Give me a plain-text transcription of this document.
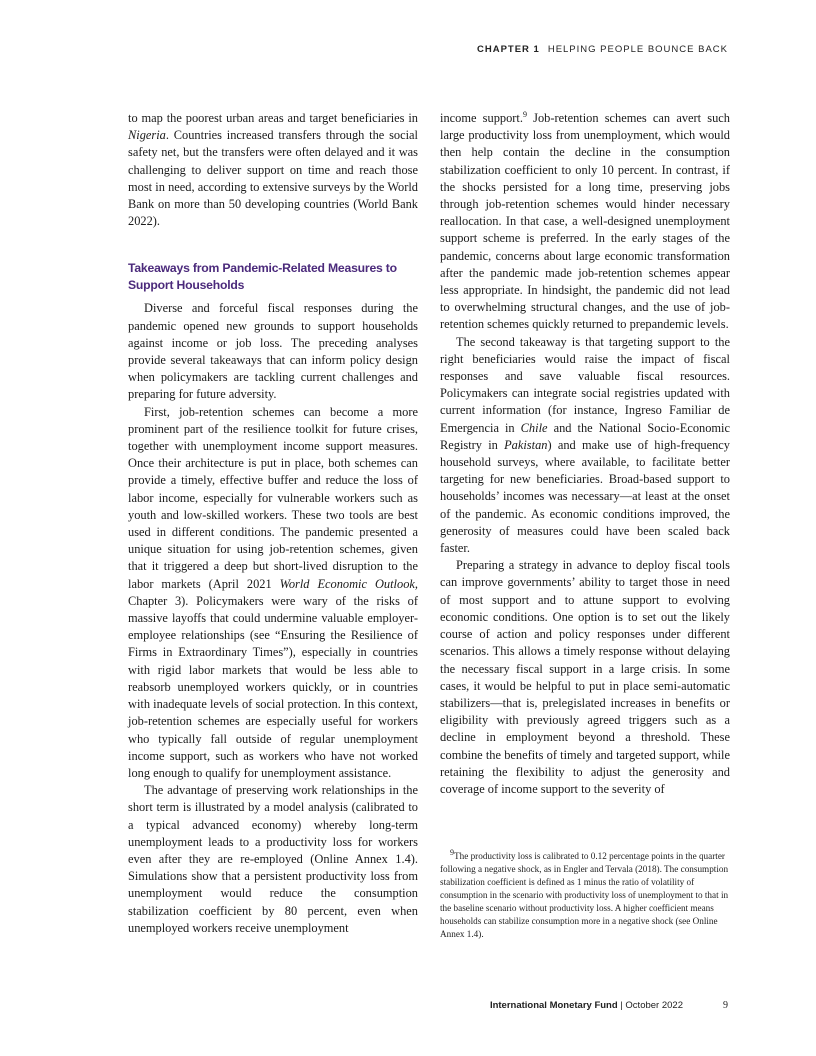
CHAPTER 1 HELPING PEOPLE BOUNCE BACK

to map the poorest urban areas and target beneficiaries in Nigeria. Countries increased transfers through the social safety net, but the transfers were often delayed and it was challenging to deliver support on time and reach those most in need, according to extensive surveys by the World Bank on more than 50 developing countries (World Bank 2022).

Takeaways from Pandemic-Related Measures to Support Households

Diverse and forceful fiscal responses during the pandemic opened new grounds to support households against income or job loss. The preceding analyses provide several takeaways that can inform policy design when policymakers are tackling current challenges and preparing for future adversity.

First, job-retention schemes can become a more prominent part of the resilience toolkit for future crises, together with unemployment income support measures. Once their architecture is put in place, both schemes can provide a timely, effective buffer and reduce the loss of labor income, especially for vulnerable workers such as youth and low-skilled workers. These two tools are best used in different conditions. The pandemic presented a unique situation for using job-retention schemes, given that it triggered a deep but short-lived disruption to the labor markets (April 2021 World Economic Outlook, Chapter 3). Policymakers were wary of the risks of massive layoffs that could undermine valuable employer-employee relationships (see “Ensuring the Resilience of Firms in Extraordinary Times”), especially in countries with rigid labor markets that would be less able to reabsorb unemployed workers quickly, or in countries with inadequate levels of social protection. In this context, job-retention schemes are especially useful for workers who typically fall outside of regular unemployment income support, such as workers who have not worked long enough to qualify for unemployment assistance.

The advantage of preserving work relationships in the short term is illustrated by a model analysis (calibrated to a typical advanced economy) whereby long-term unemployment leads to a productivity loss for workers even after they are re-employed (Online Annex 1.4). Simulations show that a persistent productivity loss from unemployment would reduce the consumption stabilization coefficient by 80 percent, even when unemployed workers receive unemployment

income support.$^9$ Job-retention schemes can avert such large productivity loss from unemployment, which would then help contain the decline in the consumption stabilization coefficient to only 10 percent. In contrast, if the shocks persisted for a long time, preserving jobs through job-retention schemes would hinder necessary reallocation. In that case, a well-designed unemployment support scheme is preferred. In the early stages of the pandemic, concerns about large economic transformation after the pandemic made job-retention schemes appear less appropriate. In hindsight, the pandemic did not lead to overwhelming structural changes, and the use of job-retention schemes quickly returned to prepandemic levels.

The second takeaway is that targeting support to the right beneficiaries would raise the impact of fiscal responses and save valuable fiscal resources. Policymakers can integrate social registries updated with current information (for instance, Ingreso Familiar de Emergencia in Chile and the National Socio-Economic Registry in Pakistan) and make use of high-frequency household surveys, where available, to facilitate better targeting for new beneficiaries. Broad-based support to households’ incomes was necessary—at least at the onset of the pandemic. As economic conditions improved, the generosity of measures could have been scaled back faster.

Preparing a strategy in advance to deploy fiscal tools can improve governments’ ability to target those in need of most support and to attune support to evolving economic conditions. One option is to set out the likely course of action and policy responses under different scenarios. This allows a timely response without delaying the necessary fiscal support in a large crisis. In some cases, it would be helpful to put in place semi-automatic stabilizers—that is, prelegislated increases in benefits or eligibility with previously agreed triggers such as a decline in employment beyond a threshold. These combine the benefits of timely and targeted support, while retaining the flexibility to adjust the generosity and coverage of income support to the severity of

$^9$The productivity loss is calibrated to 0.12 percentage points in the quarter following a negative shock, as in Engler and Tervala (2018). The consumption stabilization coefficient is defined as 1 minus the ratio of volatility of consumption in the scenario with productivity loss of unemployment to that in the baseline scenario without productivity loss. A higher coefficient means households can stabilize consumption more in a negative shock (see Online Annex 1.4).

International Monetary Fund | October 2022	9
